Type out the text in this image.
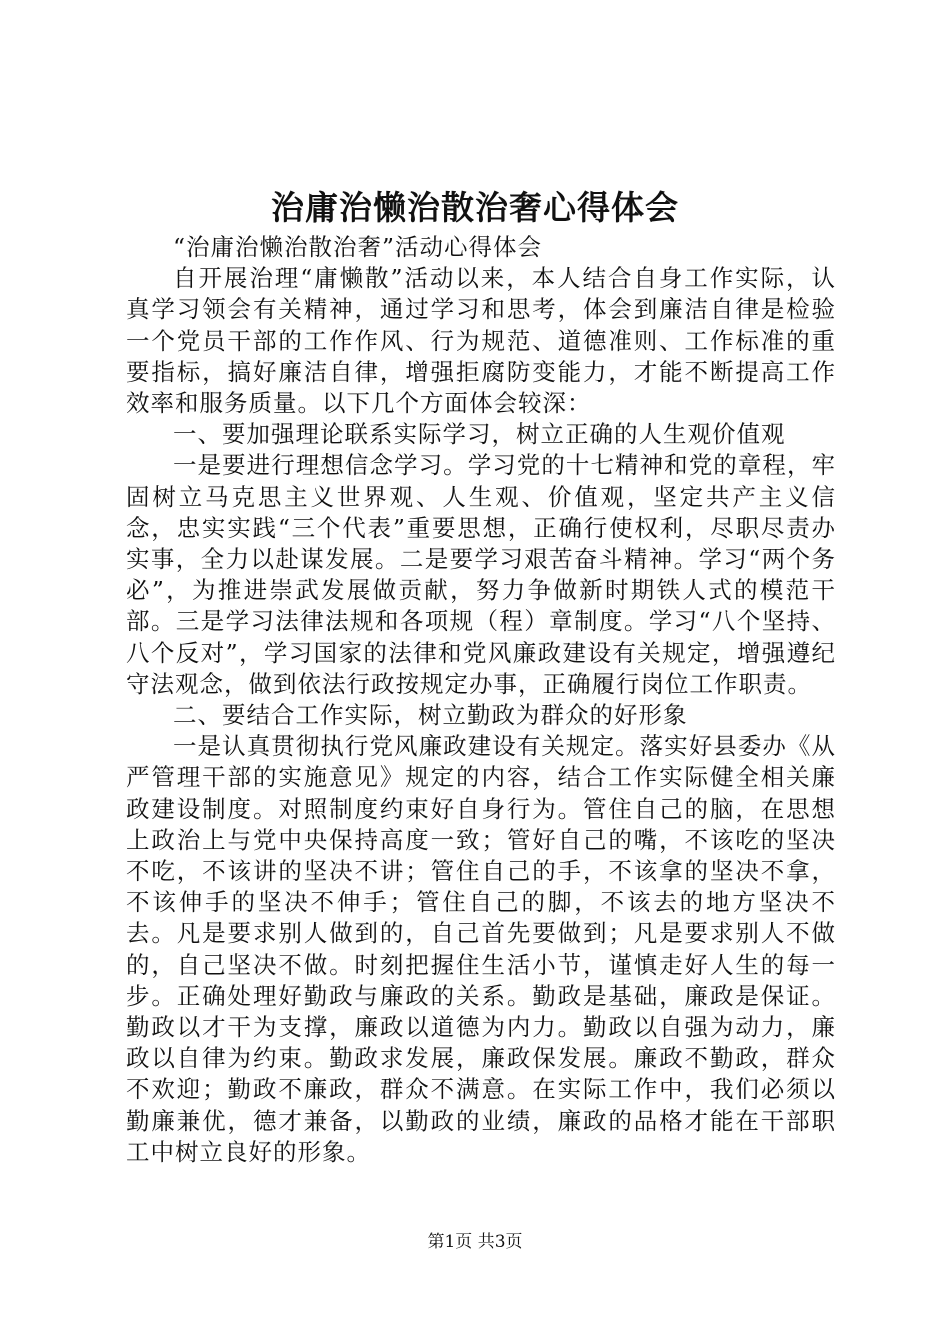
治庸治懒治散治奢心得体会

“治庸治懒治散治奢”活动心得体会

自开展治理“庸懒散”活动以来，本人结合自身工作实际，认真学习领会有关精神，通过学习和思考，体会到廉洁自律是检验一个党员干部的工作作风、行为规范、道德准则、工作标准的重要指标，搞好廉洁自律，增强拒腐防变能力，才能不断提高工作效率和服务质量。以下几个方面体会较深：

一、要加强理论联系实际学习，树立正确的人生观价值观

一是要进行理想信念学习。学习党的十七精神和党的章程，牢固树立马克思主义世界观、人生观、价值观，坚定共产主义信念，忠实实践“三个代表”重要思想，正确行使权利，尽职尽责办实事，全力以赴谋发展。二是要学习艰苦奋斗精神。学习“两个务必”，为推进崇武发展做贡献，努力争做新时期铁人式的模范干部。三是学习法律法规和各项规（程）章制度。学习“八个坚持、八个反对”，学习国家的法律和党风廉政建设有关规定，增强遵纪守法观念，做到依法行政按规定办事，正确履行岗位工作职责。

二、要结合工作实际，树立勤政为群众的好形象

一是认真贯彻执行党风廉政建设有关规定。落实好县委办《从严管理干部的实施意见》规定的内容，结合工作实际健全相关廉政建设制度。对照制度约束好自身行为。管住自己的脑，在思想上政治上与党中央保持高度一致；管好自己的嘴，不该吃的坚决不吃，不该讲的坚决不讲；管住自己的手，不该拿的坚决不拿，不该伸手的坚决不伸手；管住自己的脚，不该去的地方坚决不去。凡是要求别人做到的，自己首先要做到；凡是要求别人不做的，自己坚决不做。时刻把握住生活小节，谨慎走好人生的每一步。正确处理好勤政与廉政的关系。勤政是基础，廉政是保证。勤政以才干为支撑，廉政以道德为内力。勤政以自强为动力，廉政以自律为约束。勤政求发展，廉政保发展。廉政不勤政，群众不欢迎；勤政不廉政，群众不满意。在实际工作中，我们必须以勤廉兼优，德才兼备，以勤政的业绩，廉政的品格才能在干部职工中树立良好的形象。

第1页 共3页
